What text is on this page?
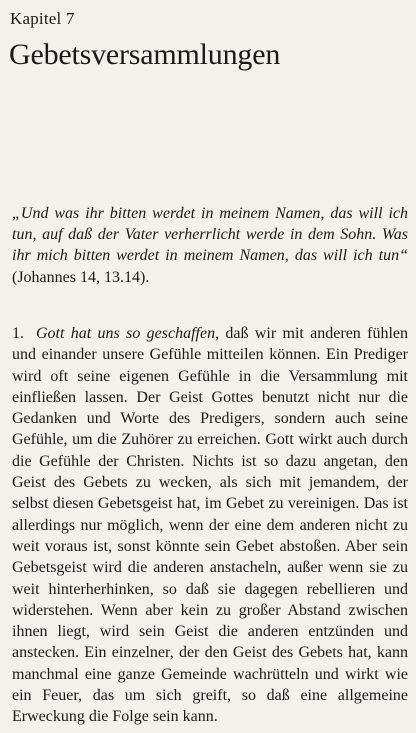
Kapitel 7
Gebetsversammlungen

„Und was ihr bitten werdet in meinem Namen, das will ich tun, auf daß der Vater verherrlicht werde in dem Sohn. Was ihr mich bitten werdet in meinem Namen, das will ich tun“ (Johannes 14, 13.14).

1. Gott hat uns so geschaffen, daß wir mit anderen fühlen und einander unsere Gefühle mitteilen können. Ein Prediger wird oft seine eigenen Gefühle in die Versammlung mit einfließen lassen. Der Geist Gottes benutzt nicht nur die Gedanken und Worte des Predigers, sondern auch seine Gefühle, um die Zuhörer zu erreichen. Gott wirkt auch durch die Gefühle der Christen. Nichts ist so dazu angetan, den Geist des Gebets zu wecken, als sich mit jemandem, der selbst diesen Gebetsgeist hat, im Gebet zu vereinigen. Das ist allerdings nur möglich, wenn der eine dem anderen nicht zu weit voraus ist, sonst könnte sein Gebet abstoßen. Aber sein Gebetsgeist wird die anderen anstacheln, außer wenn sie zu weit hinterherhinken, so daß sie dagegen rebellieren und widerstehen. Wenn aber kein zu großer Abstand zwischen ihnen liegt, wird sein Geist die anderen entzünden und anstecken. Ein einzelner, der den Geist des Gebets hat, kann manchmal eine ganze Gemeinde wachrütteln und wirkt wie ein Feuer, das um sich greift, so daß eine allgemeine Erweckung die Folge sein kann.
